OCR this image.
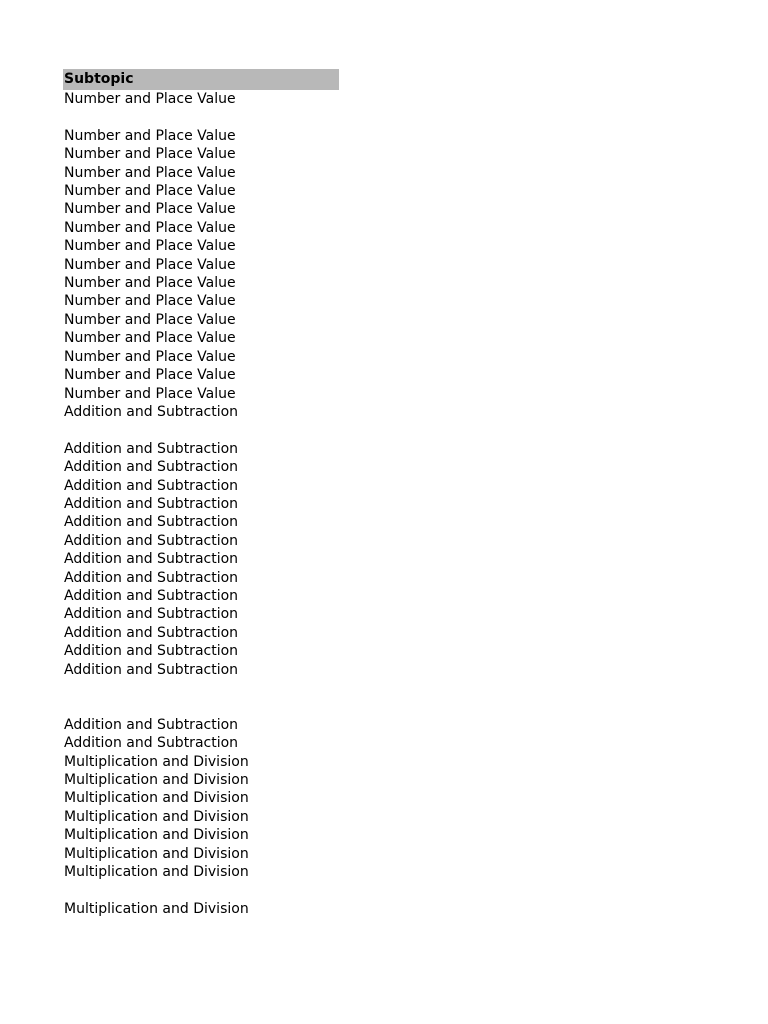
Subtopic
Number and Place Value
Number and Place Value
Number and Place Value
Number and Place Value
Number and Place Value
Number and Place Value
Number and Place Value
Number and Place Value
Number and Place Value
Number and Place Value
Number and Place Value
Number and Place Value
Number and Place Value
Number and Place Value
Number and Place Value
Number and Place Value
Addition and Subtraction
Addition and Subtraction
Addition and Subtraction
Addition and Subtraction
Addition and Subtraction
Addition and Subtraction
Addition and Subtraction
Addition and Subtraction
Addition and Subtraction
Addition and Subtraction
Addition and Subtraction
Addition and Subtraction
Addition and Subtraction
Addition and Subtraction
Addition and Subtraction
Addition and Subtraction
Multiplication and Division
Multiplication and Division
Multiplication and Division
Multiplication and Division
Multiplication and Division
Multiplication and Division
Multiplication and Division
Multiplication and Division
